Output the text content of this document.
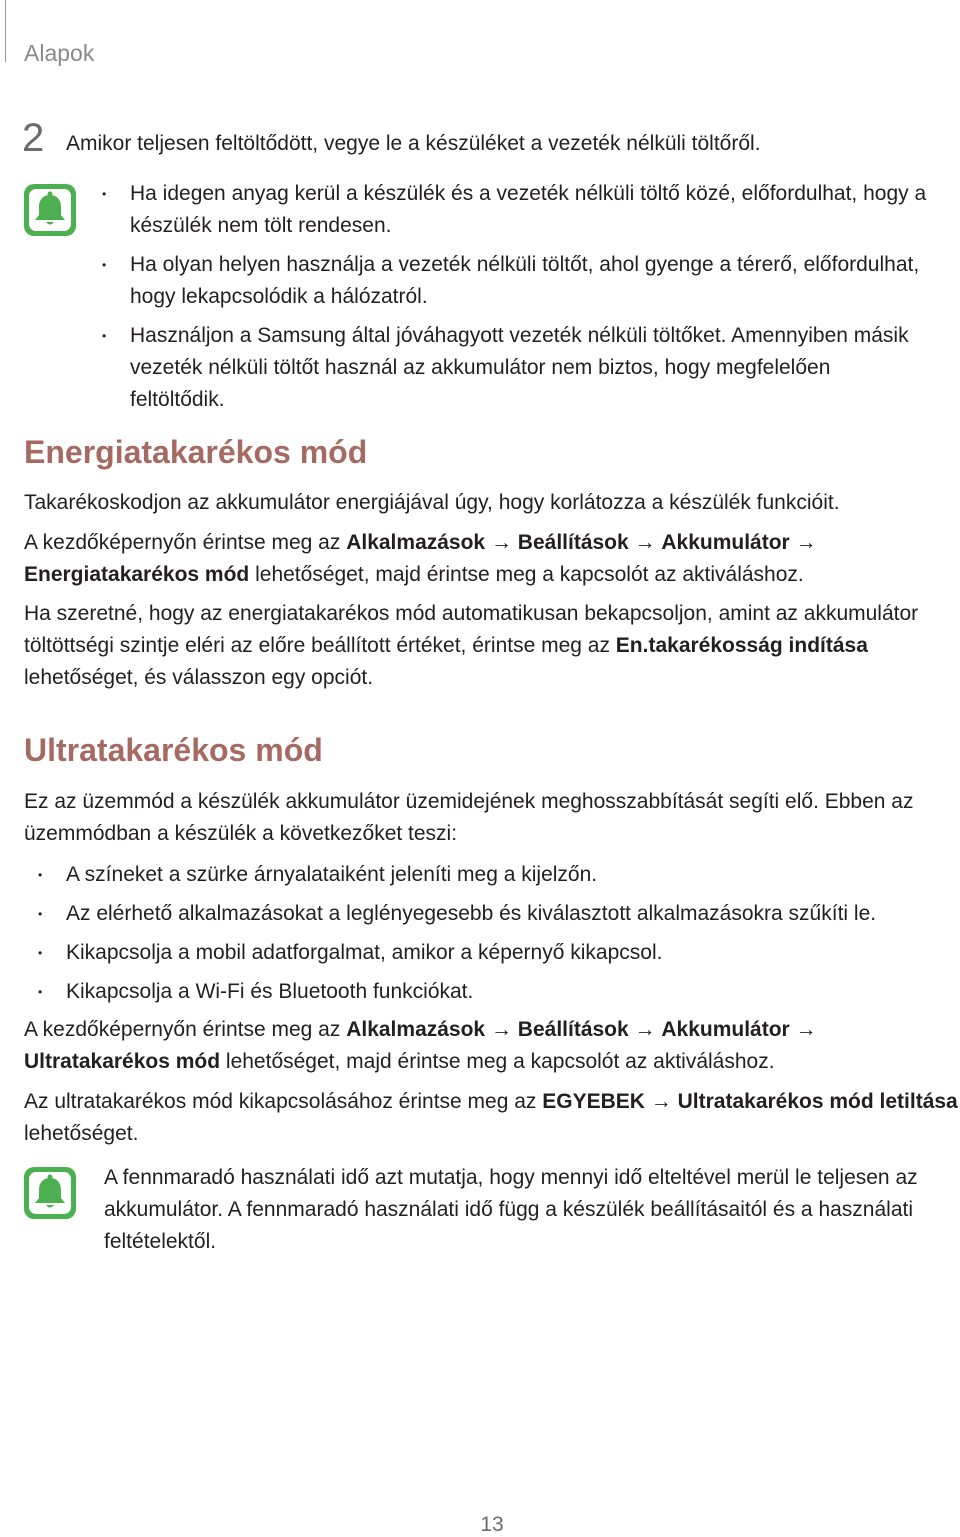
Alapok
2 Amikor teljesen feltöltődött, vegye le a készüléket a vezeték nélküli töltőről.
• Ha idegen anyag kerül a készülék és a vezeték nélküli töltő közé, előfordulhat, hogy a készülék nem tölt rendesen.
• Ha olyan helyen használja a vezeték nélküli töltőt, ahol gyenge a térerő, előfordulhat, hogy lekapcsolódik a hálózatról.
• Használjon a Samsung által jóváhagyott vezeték nélküli töltőket. Amennyiben másik vezeték nélküli töltőt használ az akkumulátor nem biztos, hogy megfelelően feltöltődik.
Energiatakarékos mód

Takarékoskodjon az akkumulátor energiájával úgy, hogy korlátozza a készülék funkcióit.

A kezdőképernyőn érintse meg az Alkalmazások → Beállítások → Akkumulátor → Energiatakarékos mód lehetőséget, majd érintse meg a kapcsolót az aktiváláshoz.

Ha szeretné, hogy az energiatakarékos mód automatikusan bekapcsoljon, amint az akkumulátor töltöttségi szintje eléri az előre beállított értéket, érintse meg az En.takarékosság indítása lehetőséget, és válasszon egy opciót.

Ultratakarékos mód

Ez az üzemmód a készülék akkumulátor üzemidejének meghosszabbítását segíti elő. Ebben az üzemmódban a készülék a következőket teszi:

• A színeket a szürke árnyalataiként jeleníti meg a kijelzőn.
• Az elérhető alkalmazásokat a leglényegesebb és kiválasztott alkalmazásokra szűkíti le.
• Kikapcsolja a mobil adatforgalmat, amikor a képernyő kikapcsol.
• Kikapcsolja a Wi-Fi és Bluetooth funkciókat.

A kezdőképernyőn érintse meg az Alkalmazások → Beállítások → Akkumulátor → Ultratakarékos mód lehetőséget, majd érintse meg a kapcsolót az aktiváláshoz.

Az ultratakarékos mód kikapcsolásához érintse meg az EGYEBEK → Ultratakarékos mód letiltása lehetőséget.

A fennmaradó használati idő azt mutatja, hogy mennyi idő elteltével merül le teljesen az akkumulátor. A fennmaradó használati idő függ a készülék beállításaitól és a használati feltételektől.

13
